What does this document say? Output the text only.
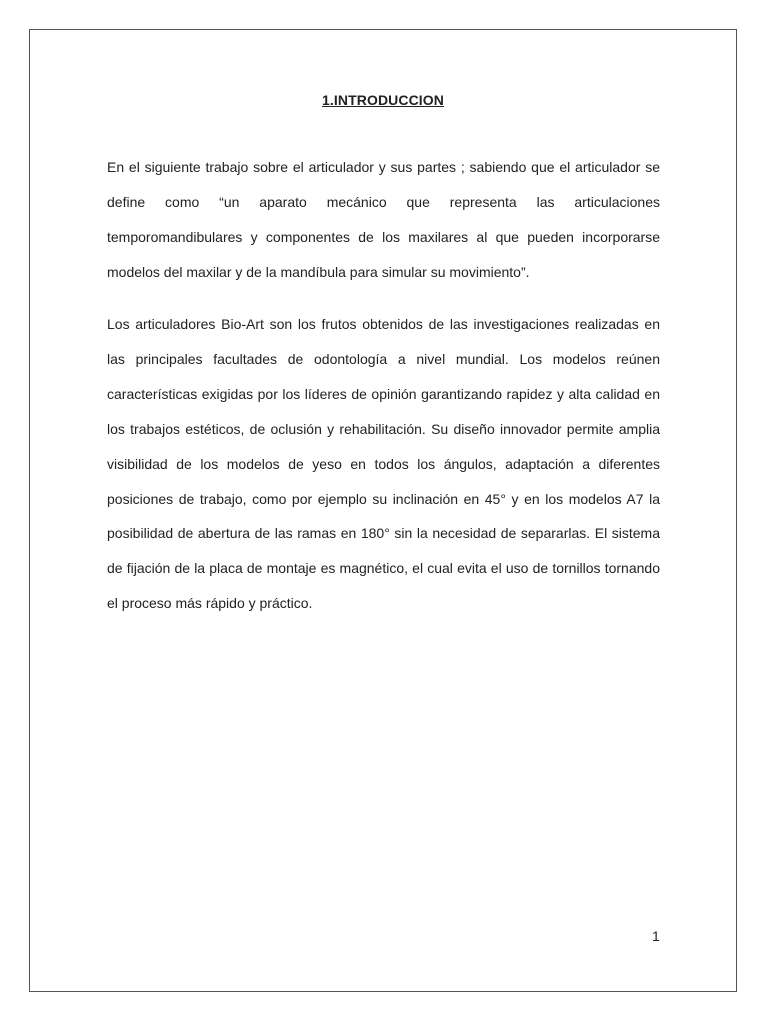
1.INTRODUCCION

En el siguiente trabajo sobre el articulador y sus partes ; sabiendo que el articulador se define como “un aparato mecánico que representa las articulaciones temporomandibulares y componentes de los maxilares al que pueden incorporarse modelos del maxilar y de la mandíbula para simular su movimiento”.

Los articuladores Bio-Art son los frutos obtenidos de las investigaciones realizadas en las principales facultades de odontología a nivel mundial. Los modelos reúnen características exigidas por los líderes de opinión garantizando rapidez y alta calidad en los trabajos estéticos, de oclusión y rehabilitación. Su diseño innovador permite amplia visibilidad de los modelos de yeso en todos los ángulos, adaptación a diferentes posiciones de trabajo, como por ejemplo su inclinación en 45° y en los modelos A7 la posibilidad de abertura de las ramas en 180° sin la necesidad de separarlas. El sistema de fijación de la placa de montaje es magnético, el cual evita el uso de tornillos tornando el proceso más rápido y práctico.

1
